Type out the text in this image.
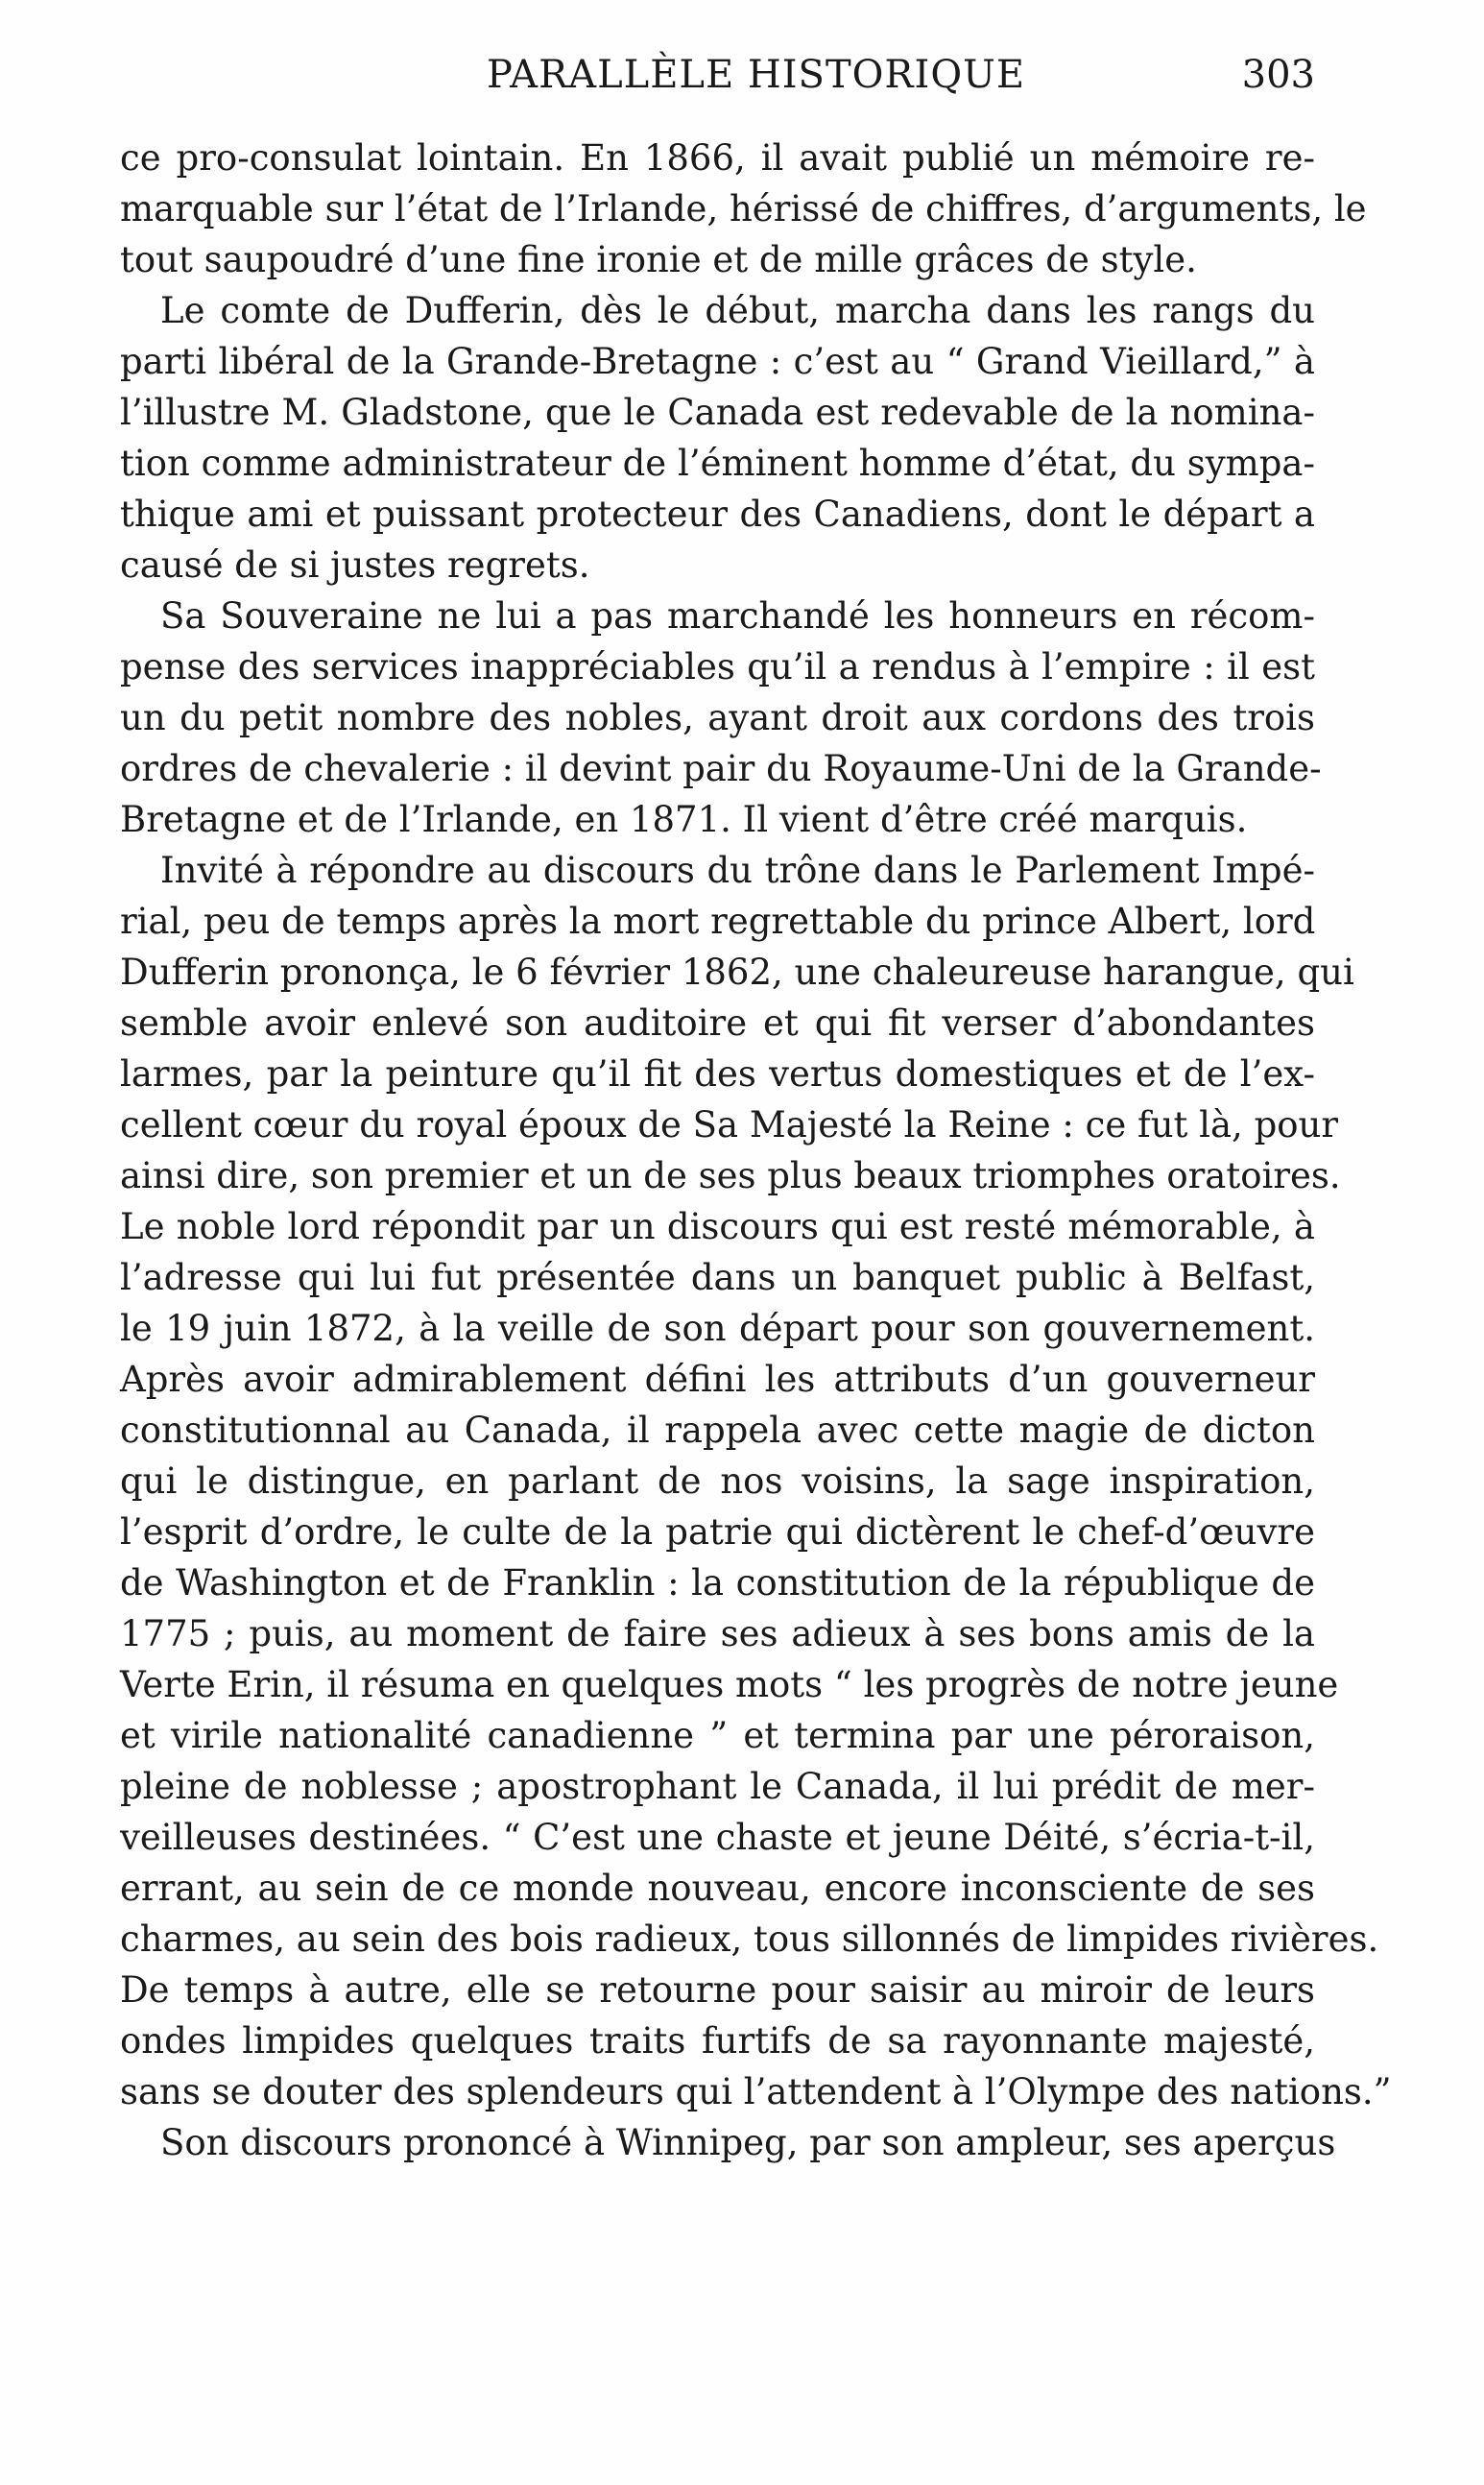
PARALLÈLE HISTORIQUE	303
ce pro-consulat lointain. En 1866, il avait publié un mémoire re-
marquable sur l’état de l’Irlande, hérissé de chiffres, d’arguments, le
tout saupoudré d’une fine ironie et de mille grâces de style.
Le comte de Dufferin, dès le début, marcha dans les rangs du
parti libéral de la Grande-Bretagne : c’est au “ Grand Vieillard,” à
l’illustre M. Gladstone, que le Canada est redevable de la nomina-
tion comme administrateur de l’éminent homme d’état, du sympa-
thique ami et puissant protecteur des Canadiens, dont le départ a
causé de si justes regrets.
Sa Souveraine ne lui a pas marchandé les honneurs en récom-
pense des services inappréciables qu’il a rendus à l’empire : il est
un du petit nombre des nobles, ayant droit aux cordons des trois
ordres de chevalerie : il devint pair du Royaume-Uni de la Grande-
Bretagne et de l’Irlande, en 1871. Il vient d’être créé marquis.
Invité à répondre au discours du trône dans le Parlement Impé-
rial, peu de temps après la mort regrettable du prince Albert, lord
Dufferin prononça, le 6 février 1862, une chaleureuse harangue, qui
semble avoir enlevé son auditoire et qui fit verser d’abondantes
larmes, par la peinture qu’il fit des vertus domestiques et de l’ex-
cellent cœur du royal époux de Sa Majesté la Reine : ce fut là, pour
ainsi dire, son premier et un de ses plus beaux triomphes oratoires.
Le noble lord répondit par un discours qui est resté mémorable, à
l’adresse qui lui fut présentée dans un banquet public à Belfast,
le 19 juin 1872, à la veille de son départ pour son gouvernement.
Après avoir admirablement défini les attributs d’un gouverneur
constitutionnal au Canada, il rappela avec cette magie de dicton
qui le distingue, en parlant de nos voisins, la sage inspiration,
l’esprit d’ordre, le culte de la patrie qui dictèrent le chef-d’œuvre
de Washington et de Franklin : la constitution de la république de
1775 ; puis, au moment de faire ses adieux à ses bons amis de la
Verte Erin, il résuma en quelques mots “ les progrès de notre jeune
et virile nationalité canadienne ” et termina par une péroraison,
pleine de noblesse ; apostrophant le Canada, il lui prédit de mer-
veilleuses destinées. “ C’est une chaste et jeune Déité, s’écria-t-il,
errant, au sein de ce monde nouveau, encore inconsciente de ses
charmes, au sein des bois radieux, tous sillonnés de limpides rivières.
De temps à autre, elle se retourne pour saisir au miroir de leurs
ondes limpides quelques traits furtifs de sa rayonnante majesté,
sans se douter des splendeurs qui l’attendent à l’Olympe des nations.”
Son discours prononcé à Winnipeg, par son ampleur, ses aperçus
